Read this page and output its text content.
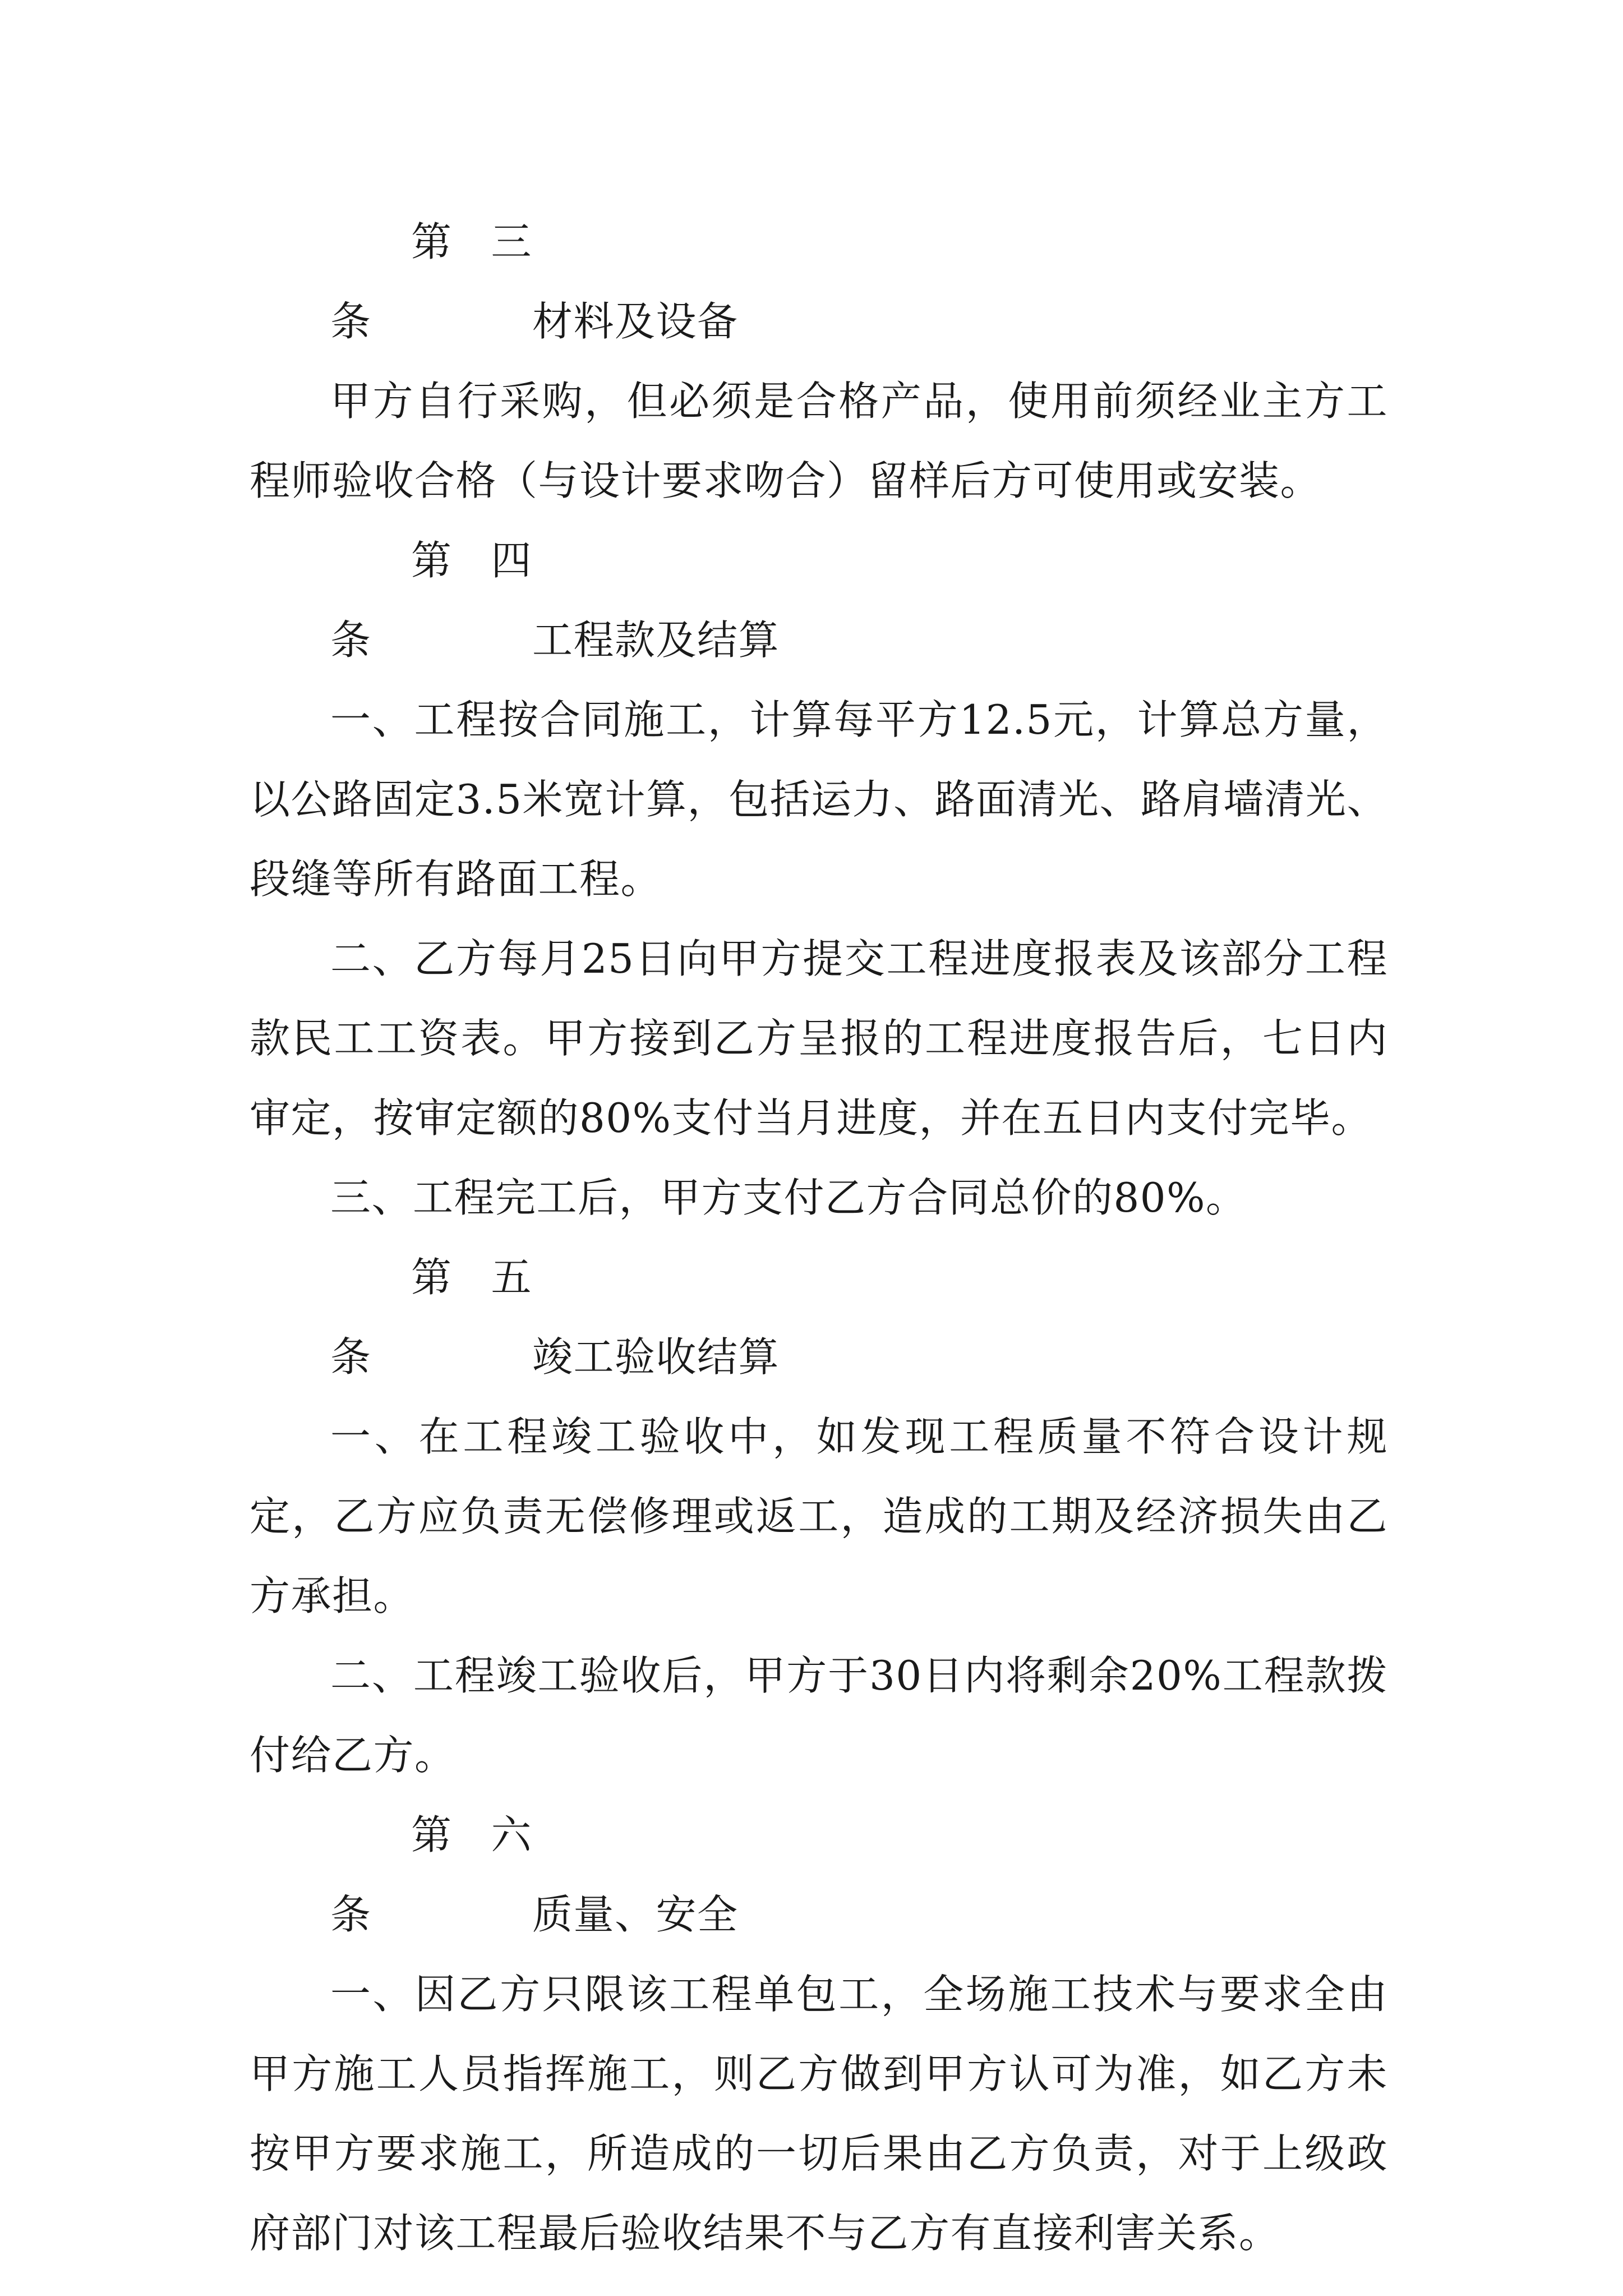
第三条	材料及设备

甲方自行采购，但必须是合格产品，使用前须经业主方工程师验收合格（与设计要求吻合）留样后方可使用或安装。

第四条	工程款及结算

一、工程按合同施工，计算每平方12.5元，计算总方量，以公路固定3.5米宽计算，包括运力、路面清光、路肩墙清光、段缝等所有路面工程。

二、乙方每月25日向甲方提交工程进度报表及该部分工程款民工工资表。甲方接到乙方呈报的工程进度报告后，七日内审定，按审定额的80%支付当月进度，并在五日内支付完毕。

三、工程完工后，甲方支付乙方合同总价的80%。

第五条	竣工验收结算

一、在工程竣工验收中，如发现工程质量不符合设计规定，乙方应负责无偿修理或返工，造成的工期及经济损失由乙方承担。

二、工程竣工验收后，甲方于30日内将剩余20%工程款拨付给乙方。

第六条	质量、安全

一、因乙方只限该工程单包工，全场施工技术与要求全由甲方施工人员指挥施工，则乙方做到甲方认可为准，如乙方未按甲方要求施工，所造成的一切后果由乙方负责，对于上级政府部门对该工程最后验收结果不与乙方有直接利害关系。
